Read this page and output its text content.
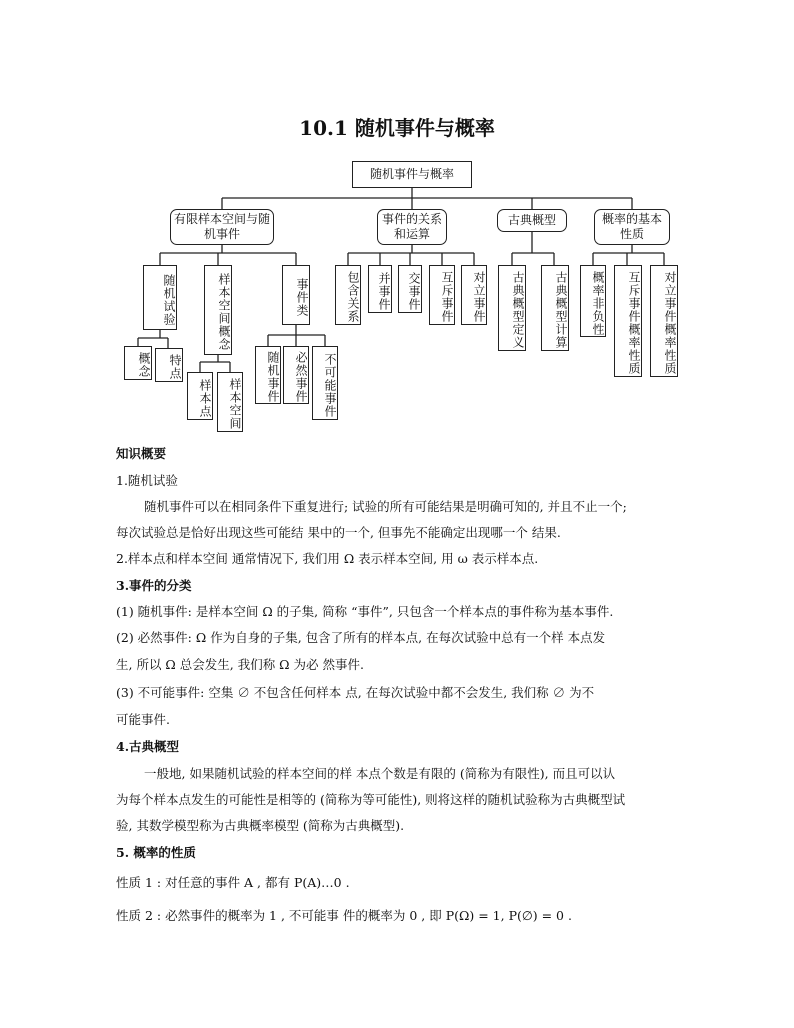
10.1 随机事件与概率
随机事件与概率
有限样本空间与随机事件
事件的关系和运算
古典概型	概率的基本性质
随机试验	样本空间概念	事件类
概念	特点
样本点	样本空间
随机事件	必然事件	不可能事件
包含关系	并事件	交事件	互斥事件	对立事件	古典概型定义	古典概型计算	概率非负性	互斥事件概率性质	对立事件概率性质
知识概要
1.随机试验
随机事件可以在相同条件下重复进行; 试验的所有可能结果是明确可知的, 并且不止一个;
每次试验总是恰好出现这些可能结 果中的一个, 但事先不能确定出现哪一个 结果.
2.样本点和样本空间 通常情况下, 我们用 Ω 表示样本空间, 用 ω 表示样本点.
3.事件的分类
(1) 随机事件: 是样本空间 Ω 的子集, 简称 “事件”, 只包含一个样本点的事件称为基本事件.
(2) 必然事件: Ω 作为自身的子集, 包含了所有的样本点, 在每次试验中总有一个样 本点发
生, 所以 Ω 总会发生, 我们称 Ω 为必 然事件.
(3) 不可能事件: 空集 ∅ 不包含任何样本 点, 在每次试验中都不会发生, 我们称 ∅ 为不
可能事件.
4.古典概型
一般地, 如果随机试验的样本空间的样 本点个数是有限的 (简称为有限性), 而且可以认
为每个样本点发生的可能性是相等的 (简称为等可能性), 则将这样的随机试验称为古典概型试
验, 其数学模型称为古典概率模型 (简称为古典概型).
5. 概率的性质
性质 1 : 对任意的事件 A , 都有 P(A)…0 .
性质 2 : 必然事件的概率为 1 , 不可能事 件的概率为 0 , 即 P(Ω) = 1, P(∅) = 0 .
